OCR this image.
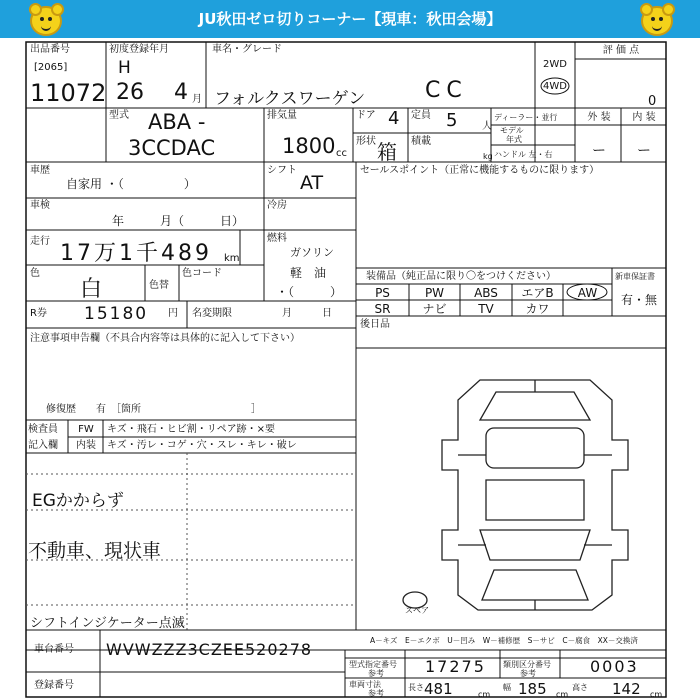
JU秋田ゼロ切りコーナー【現車：秋田会場】
出品番号
[2065]
11072
初度登録年月
H
26 4 月
車名・グレード
フォルクスワーゲン	CC
2WD
4WD
評 価 点
0
型式 ABA -
3CCDAC
排気量
1800 cc
ドア 4 定員 5 人
形状 箱 積載
kg
ディーラー・並行
モデル
年式
ハンドル 左・右
外 装	内 装
ー	ー
車歴
自家用 ・（　　　　　）
シフト
AT
車検
年　　　月（　　　日）
冷房
走行 17万1千489 km
燃料
ガソリン
軽　油
・（　　　）
色
白	色替
色コード
R券 15180 円 名変期限	月　　　日
セールスポイント（正常に機能するものに限ります）
装備品（純正品に限り〇をつけください）
PS	PW	ABS	エアB	AW
SR	ナビ	TV	カワ
新車保証書
有・無
後日品
注意事項申告欄（不具合内容等は具体的に記入して下さい）
修復歴　　有　［箇所　　　　　　　　　　　］
検査員
記入欄
FW	キズ・飛石・ヒビ割・リペア跡・×要
内装	キズ・汚レ・コゲ・穴・スレ・キレ・破レ
EGかからず
不動車、現状車
シフトインジケーター点滅
スペア
A－キズ　E－エクボ　U－凹み　W－補修歴　S－サビ　C－腐食　XX－交換済
車台番号 WVWZZZ3CZEE520278
登録番号
型式指定番号
参考	17275 類別区分番号
参考	0003
車両寸法
参考
長さ 481	cm
幅 185 cm
高さ 142 cm
